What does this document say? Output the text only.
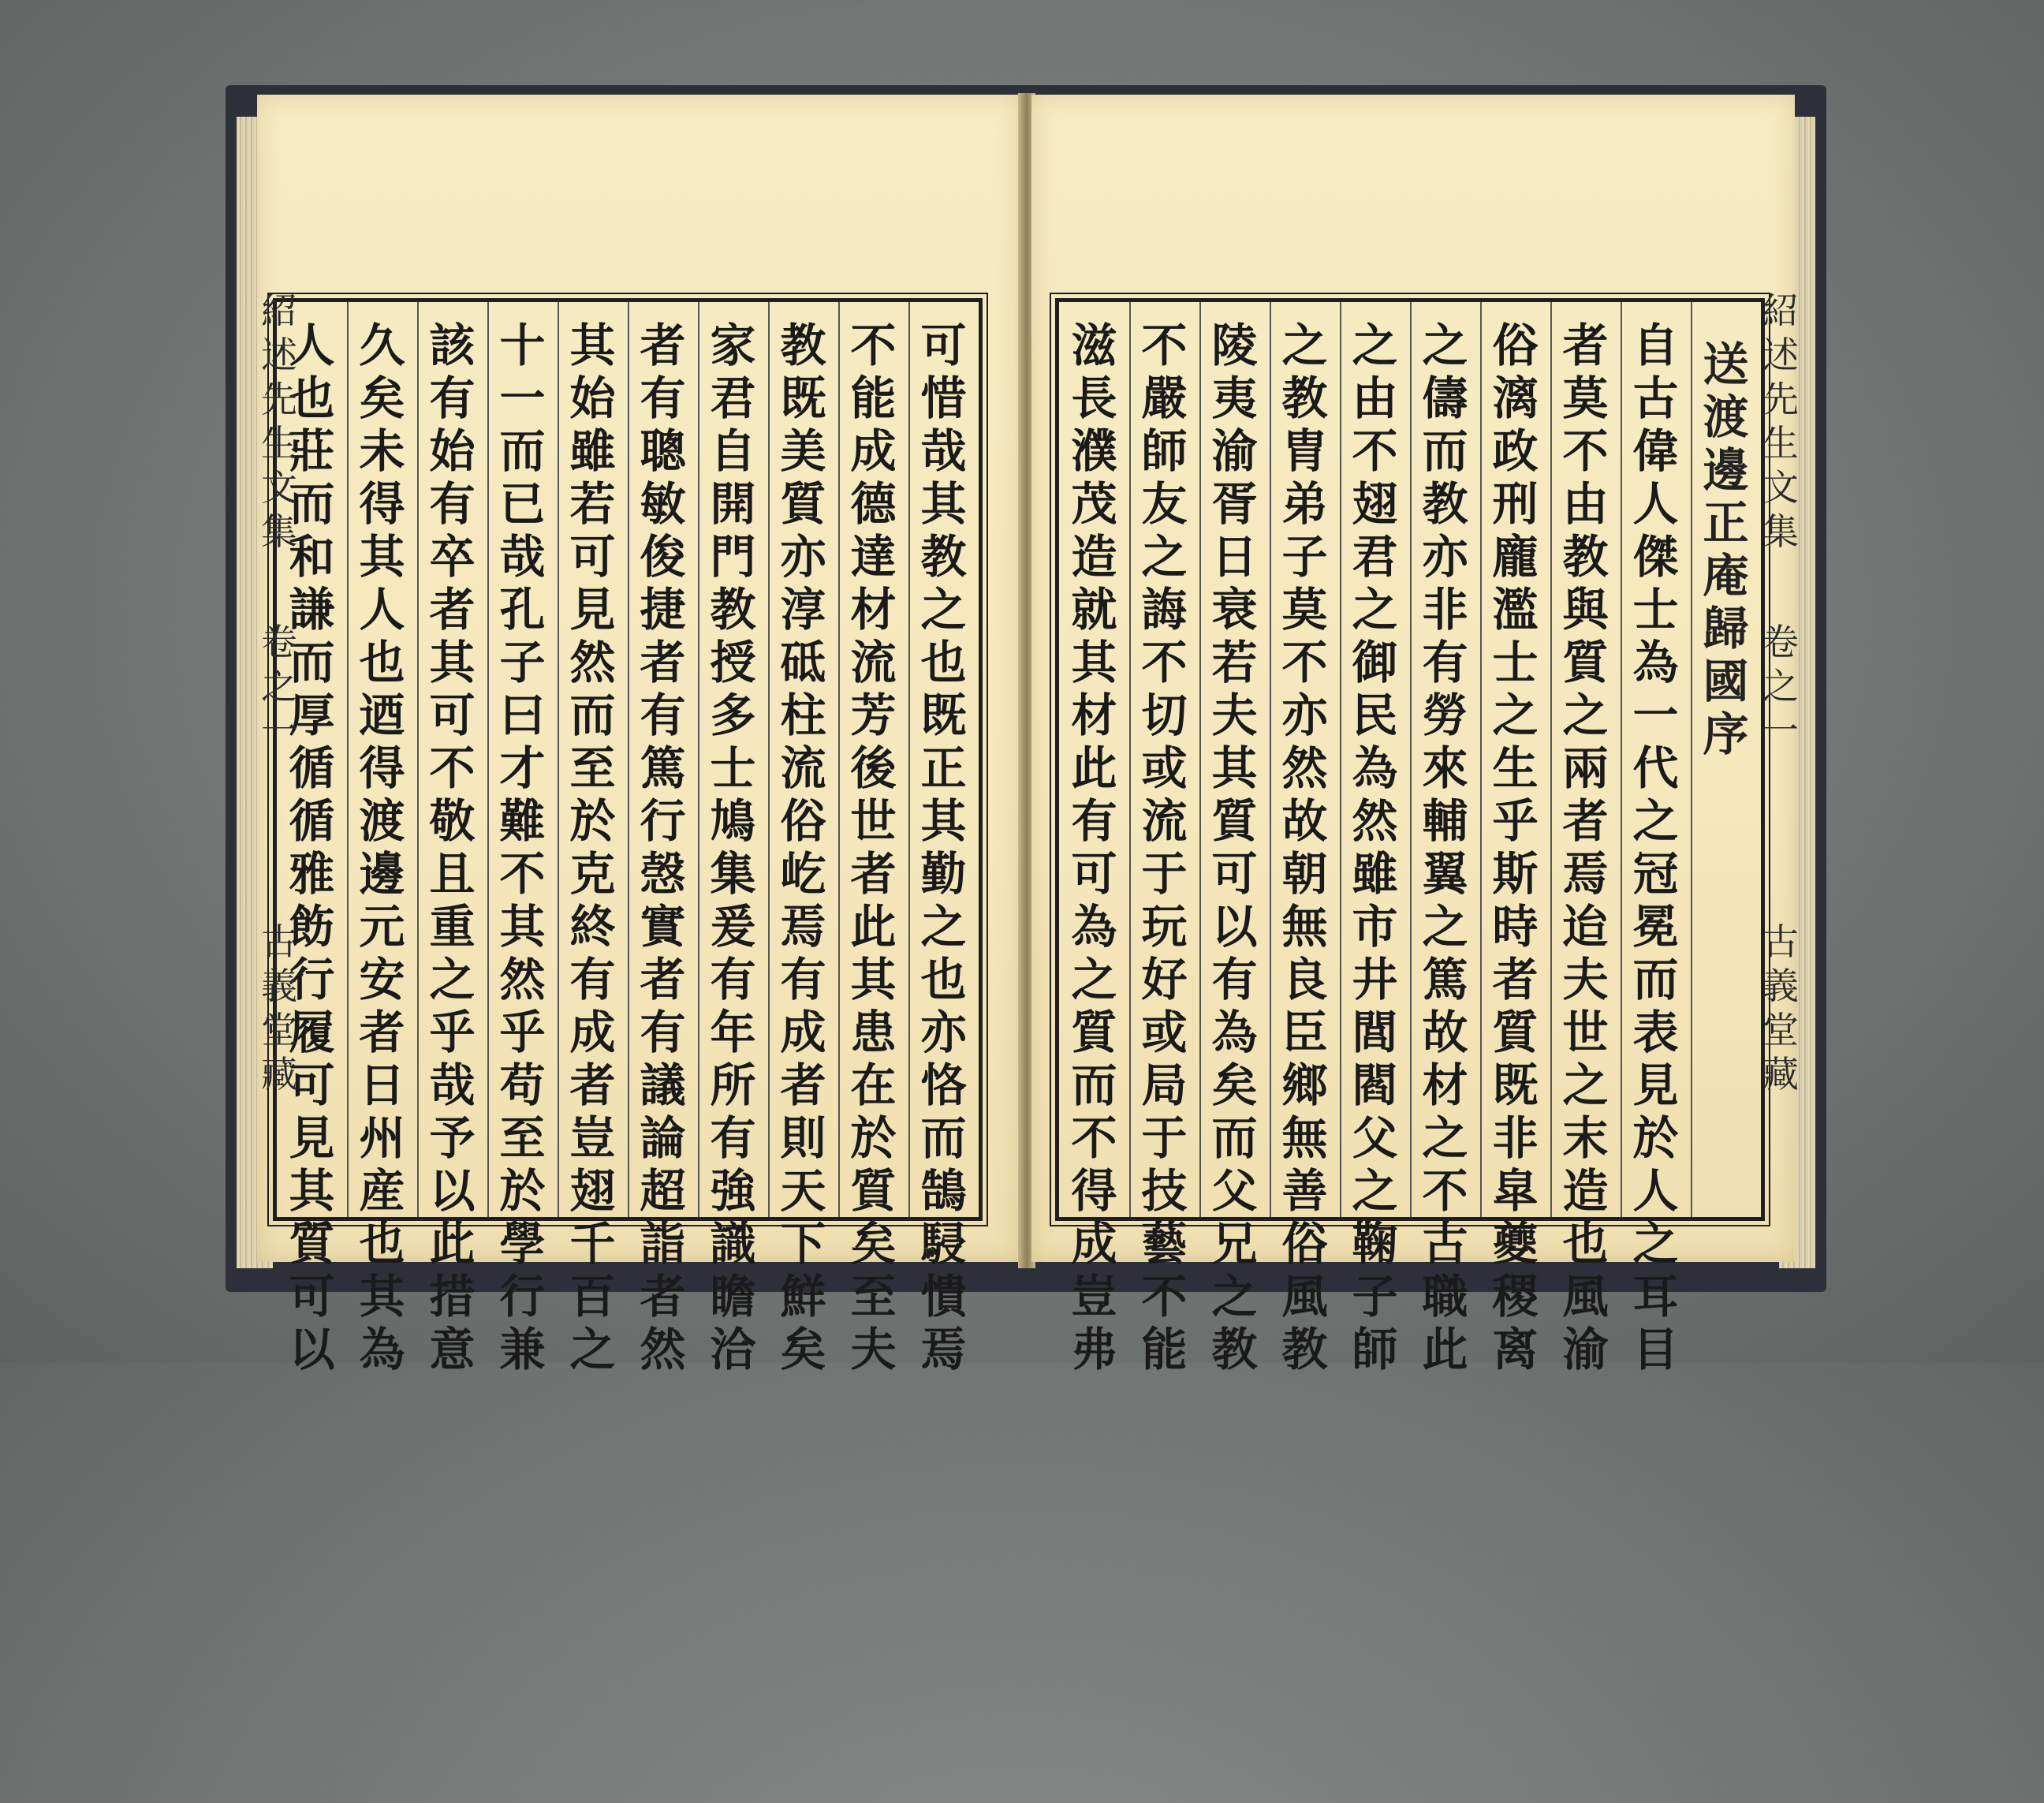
可
惜
哉
其
教
之
也
既
正
其
勤
之
也
亦
恪
而
鵠
駸
憒
焉
不
能
成
德
達
材
流
芳
後
世
者
此
其
患
在
於
質
矣
至
夫
教
既
美
質
亦
淳
砥
柱
流
俗
屹
焉
有
成
者
則
天
下
鮮
矣
家
君
自
開
門
教
授
多
士
鳩
集
爰
有
年
所
有
強
識
瞻
洽
者
有
聰
敏
俊
捷
者
有
篤
行
愨
實
者
有
議
論
超
詣
者
然
其
始
雖
若
可
見
然
而
至
於
克
終
有
成
者
豈
翅
千
百
之
十
一
而
已
哉
孔
子
曰
才
難
不
其
然
乎
苟
至
於
學
行
兼
該
有
始
有
卒
者
其
可
不
敬
且
重
之
乎
哉
予
以
此
措
意
久
矣
未
得
其
人
也
迺
得
渡
邊
元
安
者
日
州
産
也
其
為
人
也
莊
而
和
謙
而
厚
循
循
雅
飭
行
履
可
見
其
質
可
以
送
渡
邊
正
庵
歸
國
序
自
古
偉
人
傑
士
為
一
代
之
冠
冕
而
表
見
於
人
之
耳
目
者
莫
不
由
教
與
質
之
兩
者
焉
迨
夫
世
之
末
造
也
風
渝
俗
漓
政
刑
龐
濫
士
之
生
乎
斯
時
者
質
既
非
皐
夔
稷
离
之
儔
而
教
亦
非
有
勞
來
輔
翼
之
篤
故
材
之
不
古
職
此
之
由
不
翅
君
之
御
民
為
然
雖
市
井
閭
閻
父
之
鞠
子
師
之
教
胄
弟
子
莫
不
亦
然
故
朝
無
良
臣
鄉
無
善
俗
風
教
陵
夷
渝
胥
日
衰
若
夫
其
質
可
以
有
為
矣
而
父
兄
之
教
不
嚴
師
友
之
誨
不
切
或
流
于
玩
好
或
局
于
技
藝
不
能
滋
長
濮
茂
造
就
其
材
此
有
可
為
之
質
而
不
得
成
豈
弗
紹
述
先
生
文
集
卷
之
一
古
義
堂
藏
紹
述
先
生
文
集
卷
之
一
古
義
堂
藏
